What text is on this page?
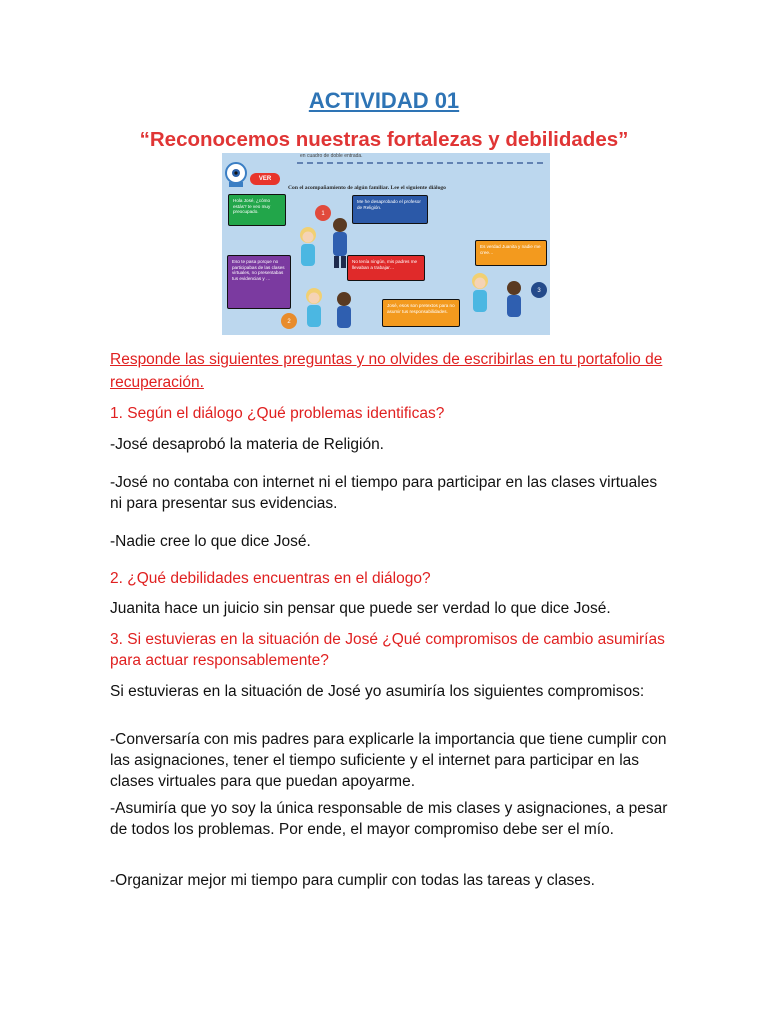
ACTIVIDAD 01
“Reconocemos nuestras fortalezas y debilidades”
1
2
3
en cuadro de doble entrada.
VER
Con el acompañamiento de algún familiar. Lee el siguiente diálogo
Hola José, ¿cómo estás? te veo muy preocupado.
Me he desaprobado el profesor de Religión.
Eso te pasa porque no participabas de las clases virtuales, no presentabas tus evidencias y …
No tenía ningún, mis padres me llevaban a trabajar…
Es verdad Juanita y nadie me cree…
José, esos son pretextos para no asumir tus responsabilidades.

Responde las siguientes preguntas y no olvides de escribirlas en tu portafolio de recuperación.

1. Según el diálogo ¿Qué problemas identificas?

-José desaprobó la materia de Religión.

-José no contaba con internet ni el tiempo para participar en las clases virtuales ni para presentar sus evidencias.

-Nadie cree lo que dice José.

2. ¿Qué debilidades encuentras en el diálogo?

Juanita hace un juicio sin pensar que puede ser verdad lo que dice José.

3. Si estuvieras en la situación de José ¿Qué compromisos de cambio asumirías para actuar responsablemente?

Si estuvieras en la situación de José yo asumiría los siguientes compromisos:

-Conversaría con mis padres para explicarle la importancia que tiene cumplir con las asignaciones, tener el tiempo suficiente y el internet para participar en las clases virtuales para que puedan apoyarme.

-Asumiría que yo soy la única responsable de mis clases y asignaciones, a pesar de todos los problemas. Por ende, el mayor compromiso debe ser el mío.

-Organizar mejor mi tiempo para cumplir con todas las tareas y clases.
